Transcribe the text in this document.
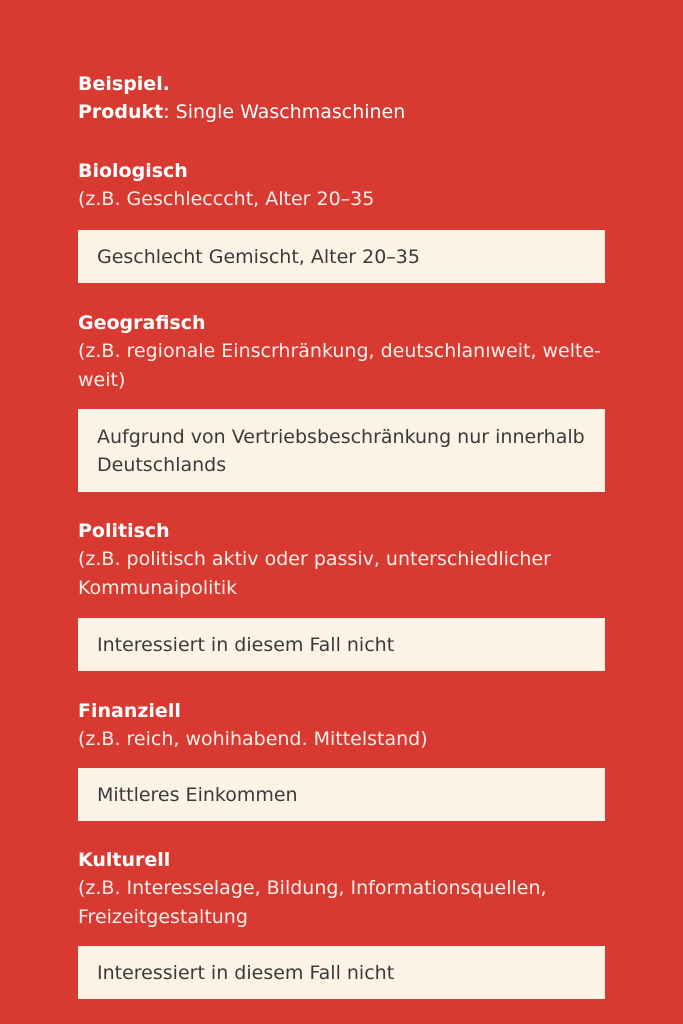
Beispiel.
Produkt: Single Waschmaschinen

Biologisch

(z.B. Geschlecccht, Alter 20–35

Geschlecht Gemischt, Alter 20–35

Geografisch

(z.B. regionale Einscrhränkung, deutschlanıweit, welte-weit)

Aufgrund von Vertriebsbeschränkung nur innerhalb Deutschlands

Politisch

(z.B. politisch aktiv oder passiv, unterschiedlicher Kommunaipolitik

Interessiert in diesem Fall nicht

Finanziell

(z.B. reich, wohihabend. Mittelstand)

Mittleres Einkommen

Kulturell

(z.B. Interesselage, Bildung, Informationsquellen, Freizeitgestaltung

Interessiert in diesem Fall nicht
